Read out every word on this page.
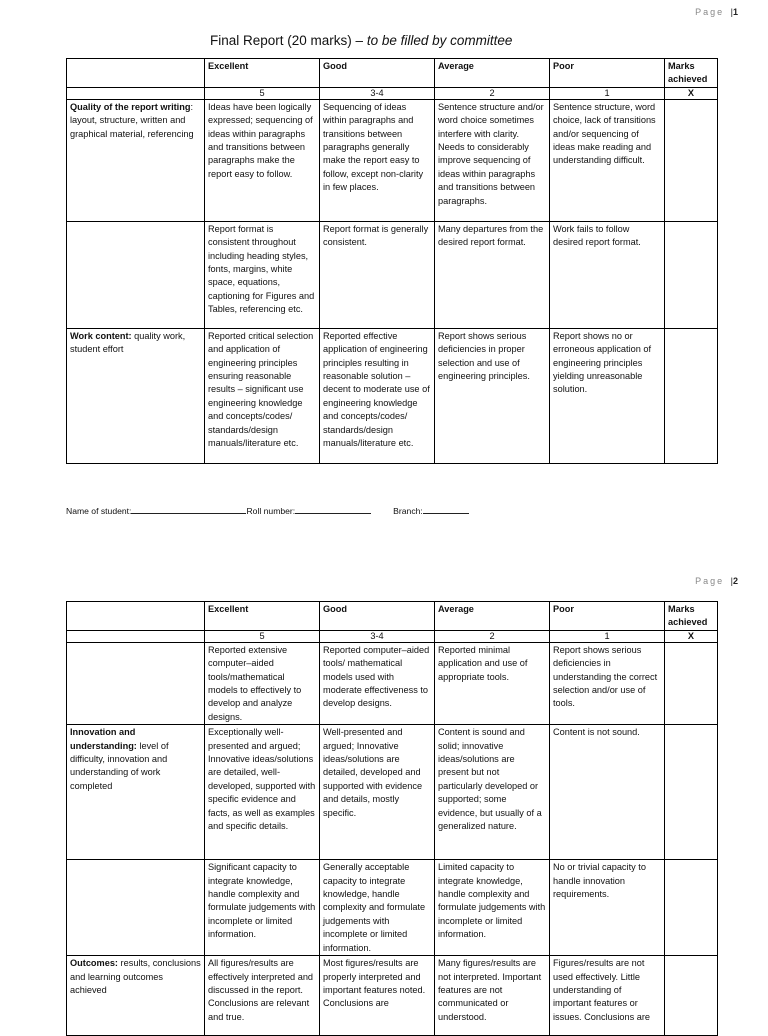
Page |1
Final Report (20 marks) – to be filled by committee
	Excellent	Good	Average	Poor	Marks achieved
	5	3-4	2	1	X
Quality of the report writing: layout, structure, written and graphical material, referencing	Ideas have been logically expressed; sequencing of ideas within paragraphs and transitions between paragraphs make the report easy to follow.	Sequencing of ideas within paragraphs and transitions between paragraphs generally make the report easy to follow, except non-clarity in few places.	Sentence structure and/or word choice sometimes interfere with clarity. Needs to considerably improve sequencing of ideas within paragraphs and transitions between paragraphs.	Sentence structure, word choice, lack of transitions and/or sequencing of ideas make reading and understanding difficult.	
	Report format is consistent throughout including heading styles, fonts, margins, white space, equations, captioning for Figures and Tables, referencing etc.	Report format is generally consistent.	Many departures from the desired report format.	Work fails to follow desired report format.	
Work content: quality work, student effort	Reported critical selection and application of engineering principles ensuring reasonable results – significant use engineering knowledge and concepts/codes/ standards/design manuals/literature etc.	Reported effective application of engineering principles resulting in reasonable solution – decent to moderate use of engineering knowledge and concepts/codes/ standards/design manuals/literature etc.	Report shows serious deficiencies in proper selection and use of engineering principles.	Report shows no or erroneous application of engineering principles yielding unreasonable solution.	
Name of student:	Roll number:	Branch:
Page |2
	Excellent	Good	Average	Poor	Marks achieved
	5	3-4	2	1	X
	Reported extensive computer–aided tools/mathematical models to effectively to develop and analyze designs.	Reported computer–aided tools/ mathematical models used with moderate effectiveness to develop designs.	Reported minimal application and use of appropriate tools.	Report shows serious deficiencies in understanding the correct selection and/or use of tools.	
Innovation and understanding: level of difficulty, innovation and understanding of work completed	Exceptionally well-presented and argued; Innovative ideas/solutions are detailed, well-developed, supported with specific evidence and facts, as well as examples and specific details.	Well-presented and argued; Innovative ideas/solutions are detailed, developed and supported with evidence and details, mostly specific.	Content is sound and solid; innovative ideas/solutions are present but not particularly developed or supported; some evidence, but usually of a generalized nature.	Content is not sound.	
	Significant capacity to integrate knowledge, handle complexity and formulate judgements with incomplete or limited information.	Generally acceptable capacity to integrate knowledge, handle complexity and formulate judgements with incomplete or limited information.	Limited capacity to integrate knowledge, handle complexity and formulate judgements with incomplete or limited information.	No or trivial capacity to handle innovation requirements.	
Outcomes: results, conclusions and learning outcomes achieved	All figures/results are effectively interpreted and discussed in the report. Conclusions are relevant and true.	Most figures/results are properly interpreted and important features noted. Conclusions are	Many figures/results are not interpreted. Important features are not communicated or understood.	Figures/results are not used effectively. Little understanding of important features or issues. Conclusions are	
